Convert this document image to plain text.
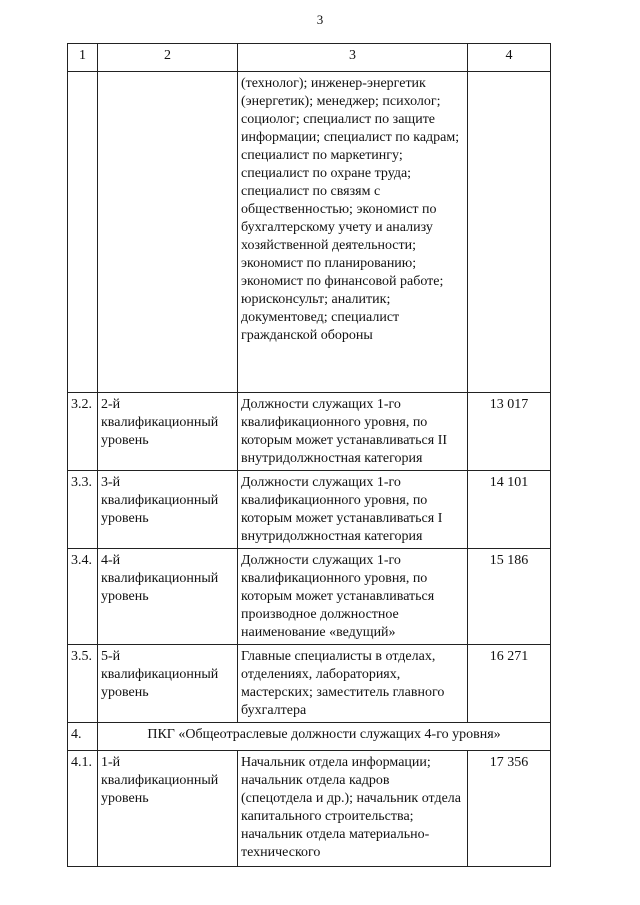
3
1	2	3	4
		(технолог); инженер-энергетик (энергетик); менеджер; психолог; социолог; специалист по защите информации; специалист по кадрам; специалист по маркетингу; специалист по охране труда; специалист по связям с общественностью; экономист по бухгалтерскому учету и анализу хозяйственной деятельности; экономист по планированию; экономист по финансовой работе; юрисконсульт; аналитик; документовед; специалист гражданской обороны	
3.2.	2-й квалификационный уровень	Должности служащих 1-го квалификационного уровня, по которым может устанавливаться II внутридолжностная категория	13 017
3.3.	3-й квалификационный уровень	Должности служащих 1-го квалификационного уровня, по которым может устанавливаться I внутридолжностная категория	14 101
3.4.	4-й квалификационный уровень	Должности служащих 1-го квалификационного уровня, по которым может устанавливаться производное должностное наименование «ведущий»	15 186
3.5.	5-й квалификационный уровень	Главные специалисты в отделах, отделениях, лабораториях, мастерских; заместитель главного бухгалтера	16 271
4.	ПКГ «Общеотраслевые должности служащих 4-го уровня»		
4.1.	1-й квалификационный уровень	Начальник отдела информации; начальник отдела кадров (спецотдела и др.); начальник отдела капитального строительства; начальник отдела материально-технического	17 356
